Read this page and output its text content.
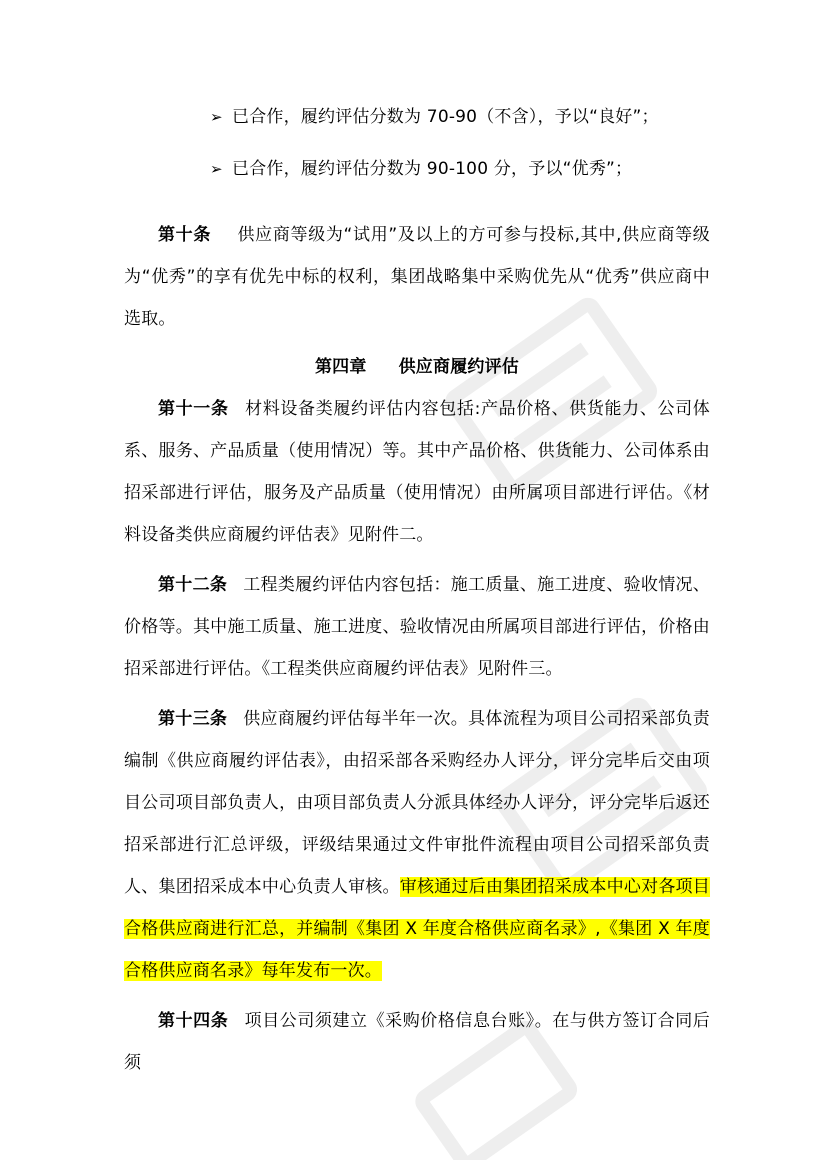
➢ 已合作，履约评估分数为 70-90（不含），予以“良好”；
➢ 已合作，履约评估分数为 90-100 分，予以“优秀”；

第十条 供应商等级为“试用”及以上的方可参与投标,其中,供应商等级为“优秀”的享有优先中标的权利，集团战略集中采购优先从“优秀”供应商中选取。

第四章 供应商履约评估

第十一条 材料设备类履约评估内容包括:产品价格、供货能力、公司体系、服务、产品质量（使用情况）等。其中产品价格、供货能力、公司体系由招采部进行评估，服务及产品质量（使用情况）由所属项目部进行评估。《材料设备类供应商履约评估表》见附件二。

第十二条 工程类履约评估内容包括：施工质量、施工进度、验收情况、价格等。其中施工质量、施工进度、验收情况由所属项目部进行评估，价格由招采部进行评估。《工程类供应商履约评估表》见附件三。

第十三条 供应商履约评估每半年一次。具体流程为项目公司招采部负责编制《供应商履约评估表》，由招采部各采购经办人评分，评分完毕后交由项目公司项目部负责人，由项目部负责人分派具体经办人评分，评分完毕后返还招采部进行汇总评级，评级结果通过文件审批件流程由项目公司招采部负责人、集团招采成本中心负责人审核。审核通过后由集团招采成本中心对各项目合格供应商进行汇总，并编制《集团 X 年度合格供应商名录》,《集团 X 年度合格供应商名录》每年发布一次。

第十四条 项目公司须建立《采购价格信息台账》。在与供方签订合同后须
